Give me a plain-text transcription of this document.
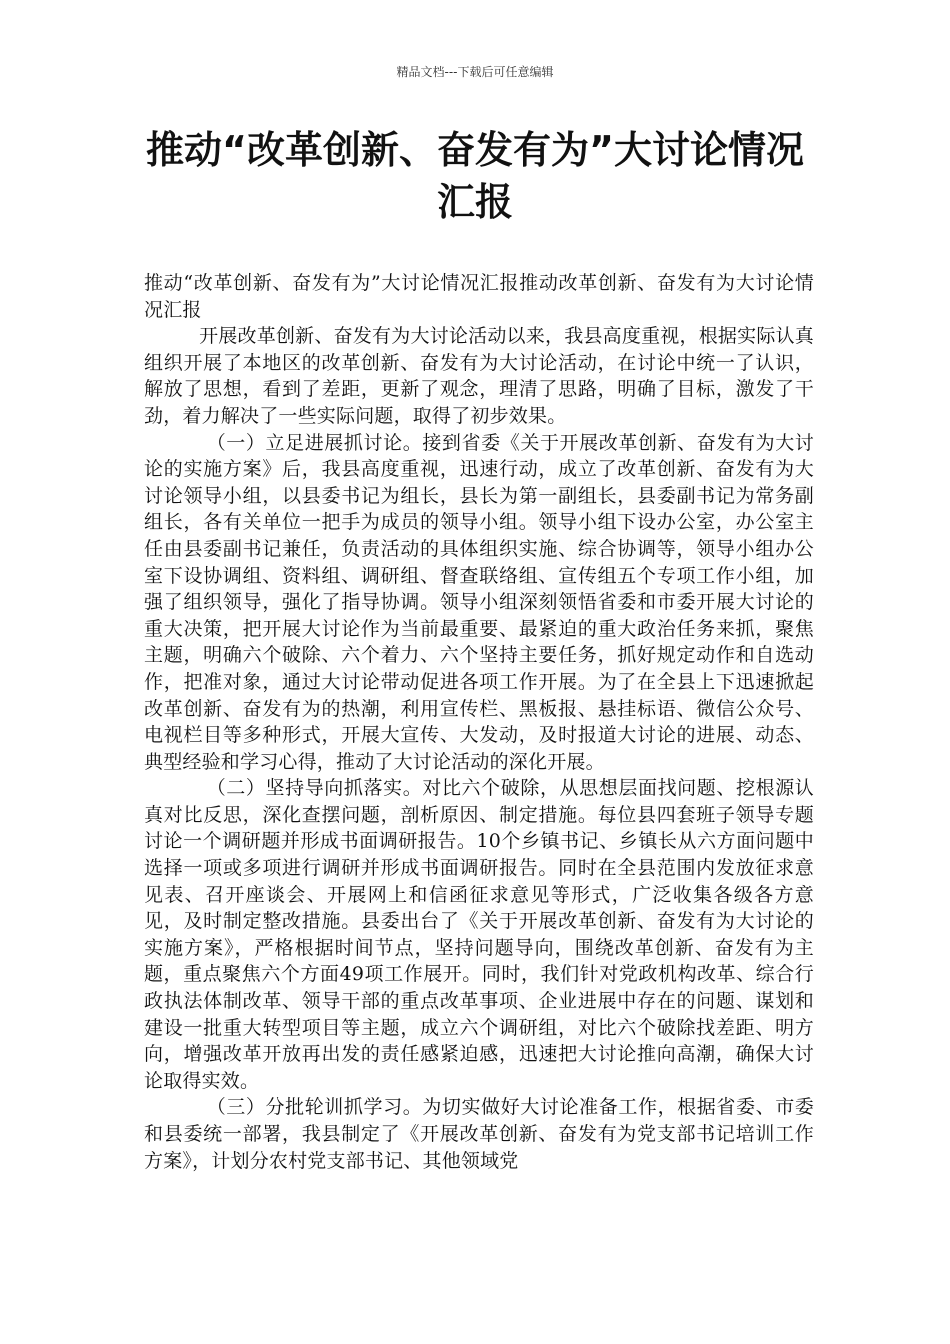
精品文档---下载后可任意编辑
推动“改革创新、奋发有为”大讨论情况汇报

推动“改革创新、奋发有为”大讨论情况汇报推动改革创新、奋发有为大讨论情况汇报

开展改革创新、奋发有为大讨论活动以来，我县高度重视，根据实际认真组织开展了本地区的改革创新、奋发有为大讨论活动，在讨论中统一了认识，解放了思想，看到了差距，更新了观念，理清了思路，明确了目标，激发了干劲，着力解决了一些实际问题，取得了初步效果。

（一）立足进展抓讨论。接到省委《关于开展改革创新、奋发有为大讨论的实施方案》后，我县高度重视，迅速行动，成立了改革创新、奋发有为大讨论领导小组，以县委书记为组长，县长为第一副组长，县委副书记为常务副组长，各有关单位一把手为成员的领导小组。领导小组下设办公室，办公室主任由县委副书记兼任，负责活动的具体组织实施、综合协调等，领导小组办公室下设协调组、资料组、调研组、督查联络组、宣传组五个专项工作小组，加强了组织领导，强化了指导协调。领导小组深刻领悟省委和市委开展大讨论的重大决策，把开展大讨论作为当前最重要、最紧迫的重大政治任务来抓，聚焦主题，明确六个破除、六个着力、六个坚持主要任务，抓好规定动作和自选动作，把准对象，通过大讨论带动促进各项工作开展。为了在全县上下迅速掀起改革创新、奋发有为的热潮，利用宣传栏、黑板报、悬挂标语、微信公众号、电视栏目等多种形式，开展大宣传、大发动，及时报道大讨论的进展、动态、典型经验和学习心得，推动了大讨论活动的深化开展。

（二）坚持导向抓落实。对比六个破除，从思想层面找问题、挖根源认真对比反思，深化查摆问题，剖析原因、制定措施。每位县四套班子领导专题讨论一个调研题并形成书面调研报告。10个乡镇书记、乡镇长从六方面问题中选择一项或多项进行调研并形成书面调研报告。同时在全县范围内发放征求意见表、召开座谈会、开展网上和信函征求意见等形式，广泛收集各级各方意见，及时制定整改措施。县委出台了《关于开展改革创新、奋发有为大讨论的实施方案》，严格根据时间节点，坚持问题导向，围绕改革创新、奋发有为主题，重点聚焦六个方面49项工作展开。同时，我们针对党政机构改革、综合行政执法体制改革、领导干部的重点改革事项、企业进展中存在的问题、谋划和建设一批重大转型项目等主题，成立六个调研组，对比六个破除找差距、明方向，增强改革开放再出发的责任感紧迫感，迅速把大讨论推向高潮，确保大讨论取得实效。

（三）分批轮训抓学习。为切实做好大讨论准备工作，根据省委、市委和县委统一部署，我县制定了《开展改革创新、奋发有为党支部书记培训工作方案》，计划分农村党支部书记、其他领域党
